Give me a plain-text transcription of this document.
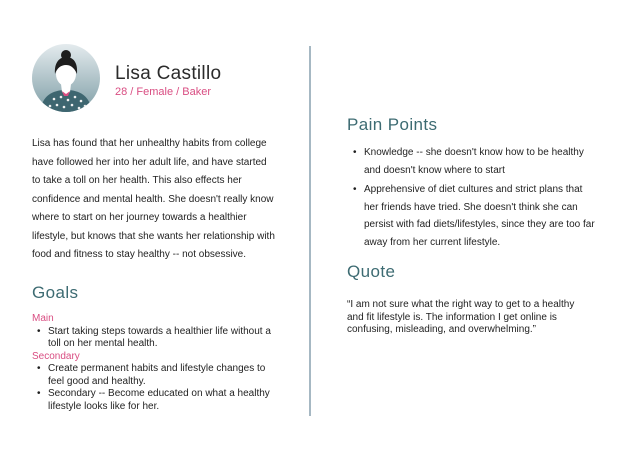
Lisa Castillo
28 / Female / Baker
Lisa has found that her unhealthy habits from college have followed her into her adult life, and have started to take a toll on her health. This also effects her confidence and mental health. She doesn't really know where to start on her journey towards a healthier lifestyle, but knows that she wants her relationship with food and fitness to stay healthy -- not obsessive.
Goals
Main
• Start taking steps towards a healthier life without a toll on her mental health.
Secondary
• Create permanent habits and lifestyle changes to feel good and healthy.
• Secondary -- Become educated on what a healthy lifestyle looks like for her.
Pain Points
• Knowledge -- she doesn't know how to be healthy and doesn't know where to start
• Apprehensive of diet cultures and strict plans that her friends have tried. She doesn't think she can persist with fad diets/lifestyles, since they are too far away from her current lifestyle.
Quote
“I am not sure what the right way to get to a healthy and fit lifestyle is. The information I get online is confusing, misleading, and overwhelming.”
